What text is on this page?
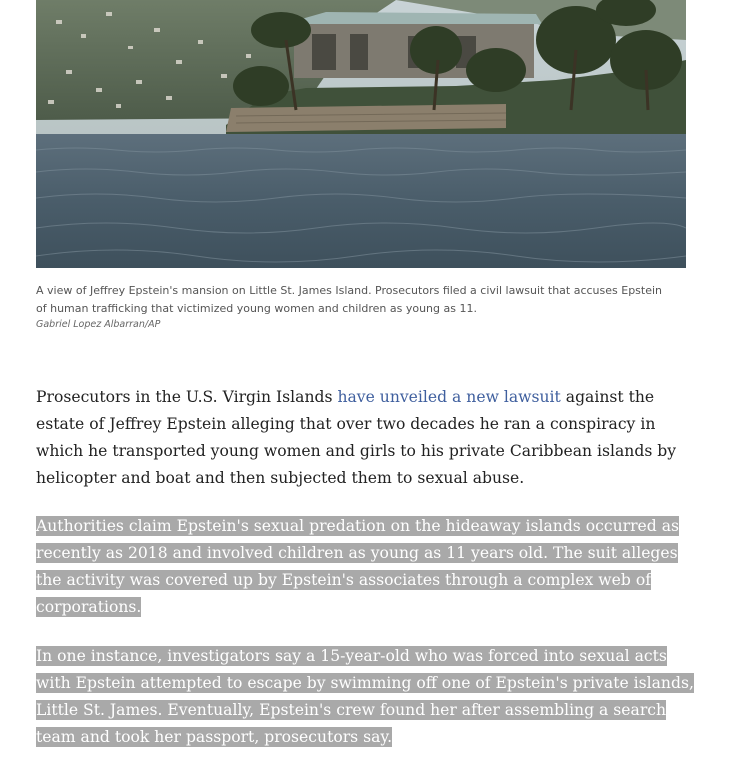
A view of Jeffrey Epstein's mansion on Little St. James Island. Prosecutors filed a civil lawsuit that accuses Epstein of human trafficking that victimized young women and children as young as 11.
Gabriel Lopez Albarran/AP

Prosecutors in the U.S. Virgin Islands have unveiled a new lawsuit against the estate of Jeffrey Epstein alleging that over two decades he ran a conspiracy in which he transported young women and girls to his private Caribbean islands by helicopter and boat and then subjected them to sexual abuse.

Authorities claim Epstein's sexual predation on the hideaway islands occurred as recently as 2018 and involved children as young as 11 years old. The suit alleges the activity was covered up by Epstein's associates through a complex web of corporations.

In one instance, investigators say a 15-year-old who was forced into sexual acts with Epstein attempted to escape by swimming off one of Epstein's private islands, Little St. James. Eventually, Epstein's crew found her after assembling a search team and took her passport, prosecutors say.
